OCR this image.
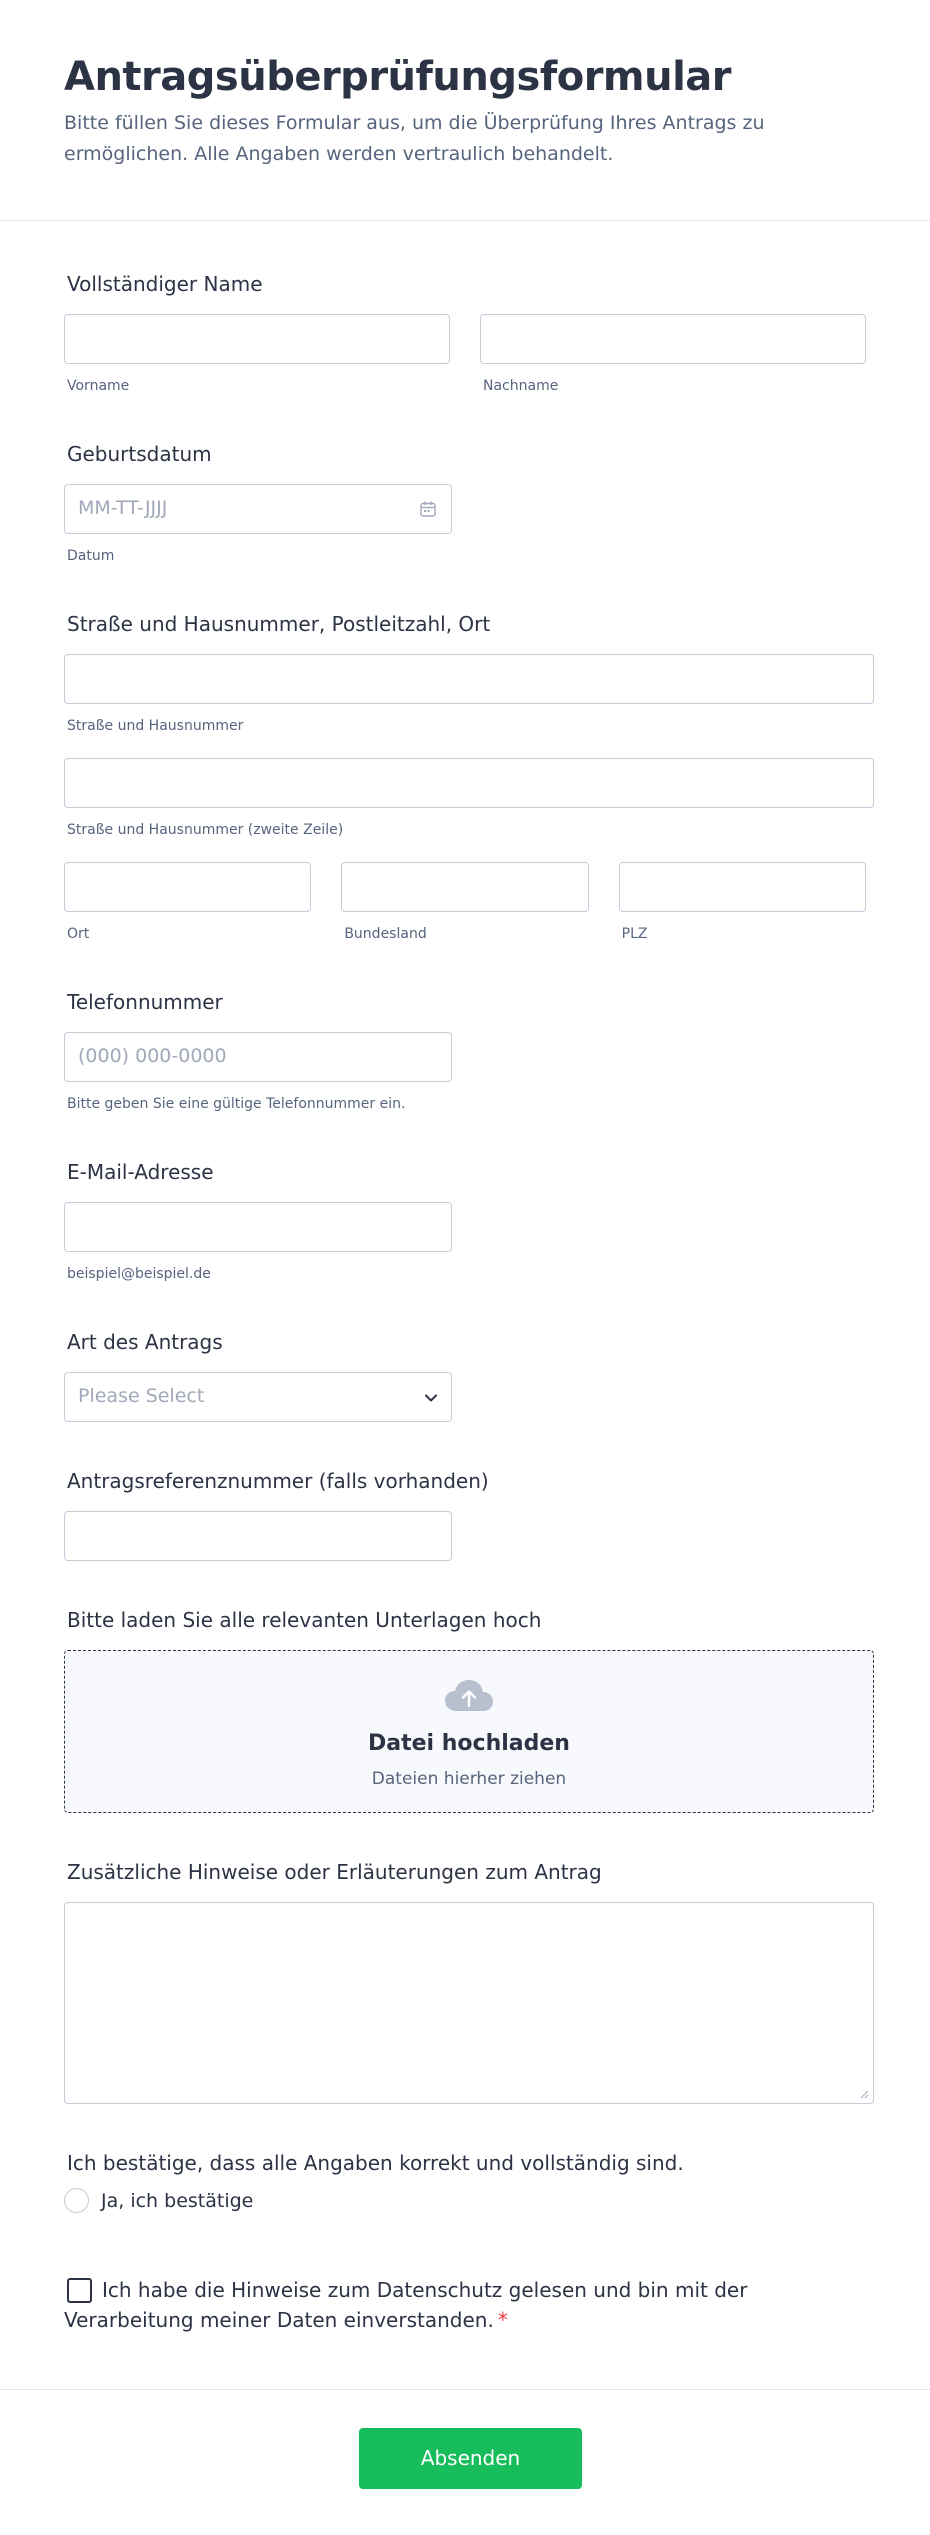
Antragsüberprüfungsformular
Bitte füllen Sie dieses Formular aus, um die Überprüfung Ihres Antrags zu ermöglichen. Alle Angaben werden vertraulich behandelt.
Vollständiger Name
Vorname	Nachname
Geburtsdatum
MM-TT-JJJJ
Datum
Straße und Hausnummer, Postleitzahl, Ort
Straße und Hausnummer
Straße und Hausnummer (zweite Zeile)
Ort	Bundesland	PLZ
Telefonnummer
(000) 000-0000
Bitte geben Sie eine gültige Telefonnummer ein.
E-Mail-Adresse
beispiel@beispiel.de
Art des Antrags
Please Select
Antragsreferenznummer (falls vorhanden)
Bitte laden Sie alle relevanten Unterlagen hoch
Datei hochladen
Dateien hierher ziehen
Zusätzliche Hinweise oder Erläuterungen zum Antrag
Ich bestätige, dass alle Angaben korrekt und vollständig sind.
Ja, ich bestätige
Ich habe die Hinweise zum Datenschutz gelesen und bin mit der Verarbeitung meiner Daten einverstanden. *
Absenden
